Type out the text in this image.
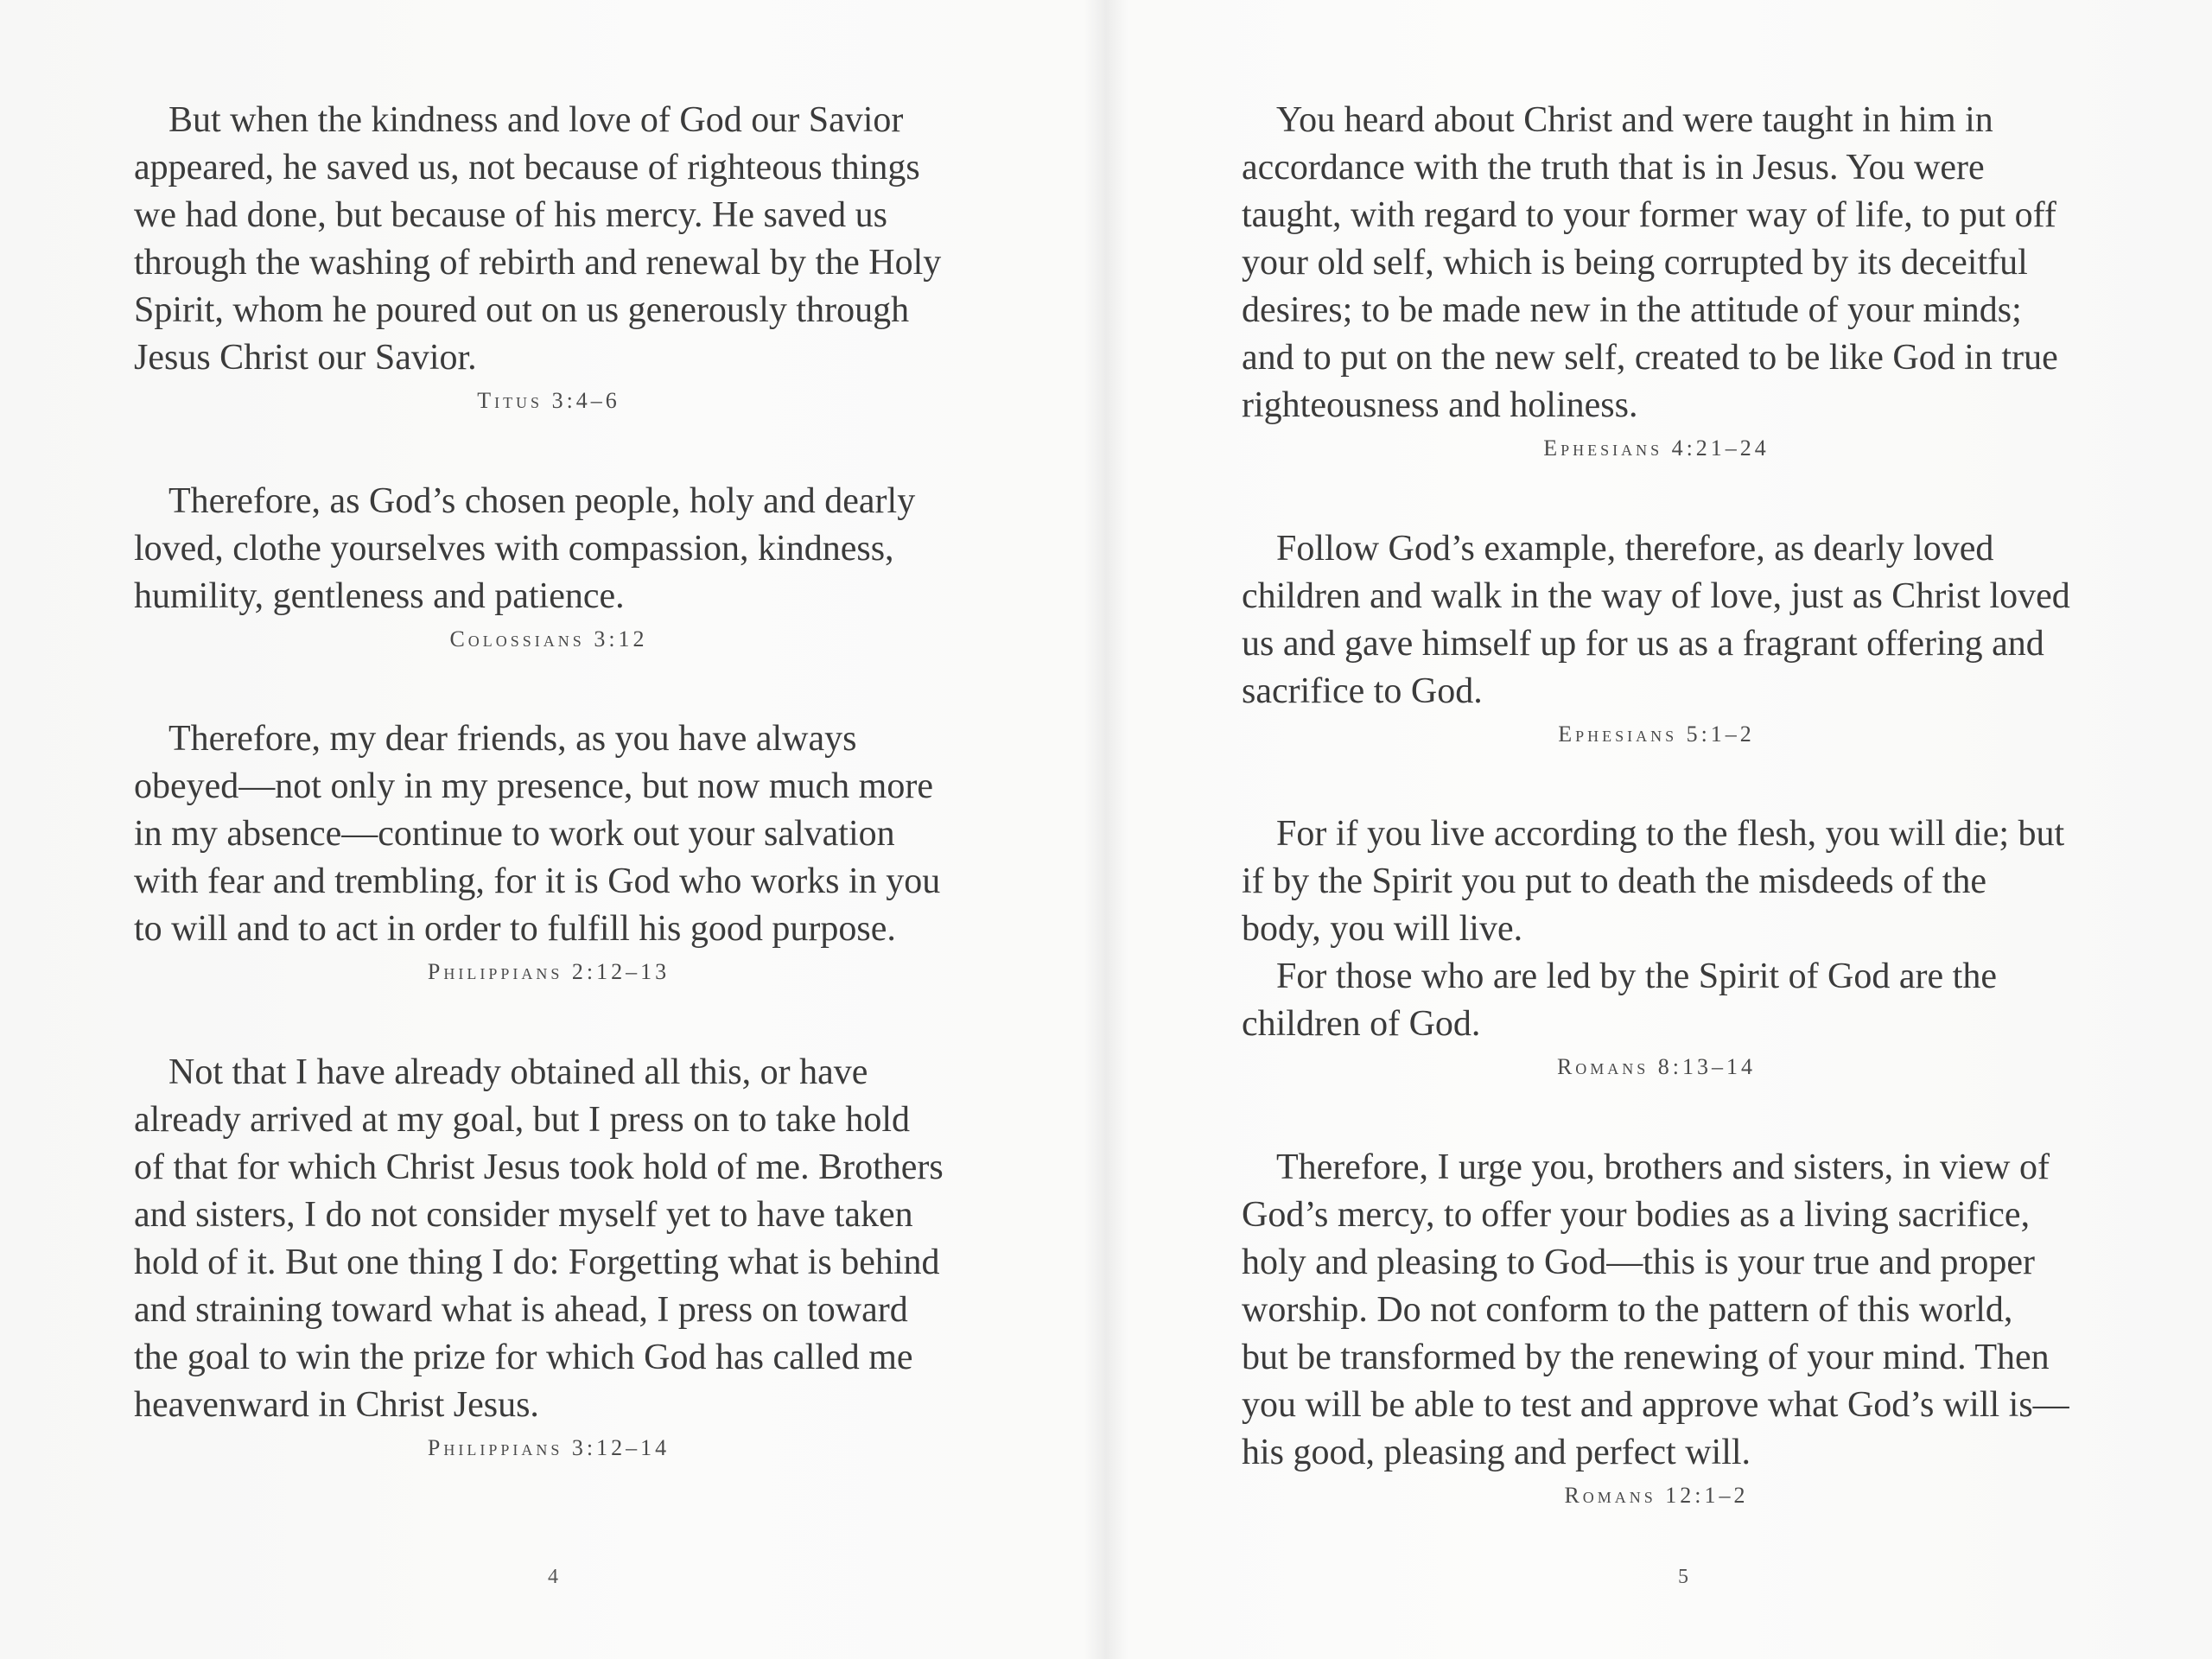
But when the kindness and love of God our Savior
appeared, he saved us, not because of righteous things
we had done, but because of his mercy. He saved us
through the washing of rebirth and renewal by the Holy
Spirit, whom he poured out on us generously through
Jesus Christ our Savior.

Titus 3:4–6

Therefore, as God’s chosen people, holy and dearly
loved, clothe yourselves with compassion, kindness,
humility, gentleness and patience.

Colossians 3:12

Therefore, my dear friends, as you have always
obeyed—not only in my presence, but now much more
in my absence—continue to work out your salvation
with fear and trembling, for it is God who works in you
to will and to act in order to fulfill his good purpose.

Philippians 2:12–13

Not that I have already obtained all this, or have
already arrived at my goal, but I press on to take hold
of that for which Christ Jesus took hold of me. Brothers
and sisters, I do not consider myself yet to have taken
hold of it. But one thing I do: Forgetting what is behind
and straining toward what is ahead, I press on toward
the goal to win the prize for which God has called me
heavenward in Christ Jesus.

Philippians 3:12–14

4

You heard about Christ and were taught in him in
accordance with the truth that is in Jesus. You were
taught, with regard to your former way of life, to put off
your old self, which is being corrupted by its deceitful
desires; to be made new in the attitude of your minds;
and to put on the new self, created to be like God in true
righteousness and holiness.

Ephesians 4:21–24

Follow God’s example, therefore, as dearly loved
children and walk in the way of love, just as Christ loved
us and gave himself up for us as a fragrant offering and
sacrifice to God.

Ephesians 5:1–2

For if you live according to the flesh, you will die; but
if by the Spirit you put to death the misdeeds of the
body, you will live.

For those who are led by the Spirit of God are the
children of God.

Romans 8:13–14

Therefore, I urge you, brothers and sisters, in view of
God’s mercy, to offer your bodies as a living sacrifice,
holy and pleasing to God—this is your true and proper
worship. Do not conform to the pattern of this world,
but be transformed by the renewing of your mind. Then
you will be able to test and approve what God’s will is—
his good, pleasing and perfect will.

Romans 12:1–2

5
